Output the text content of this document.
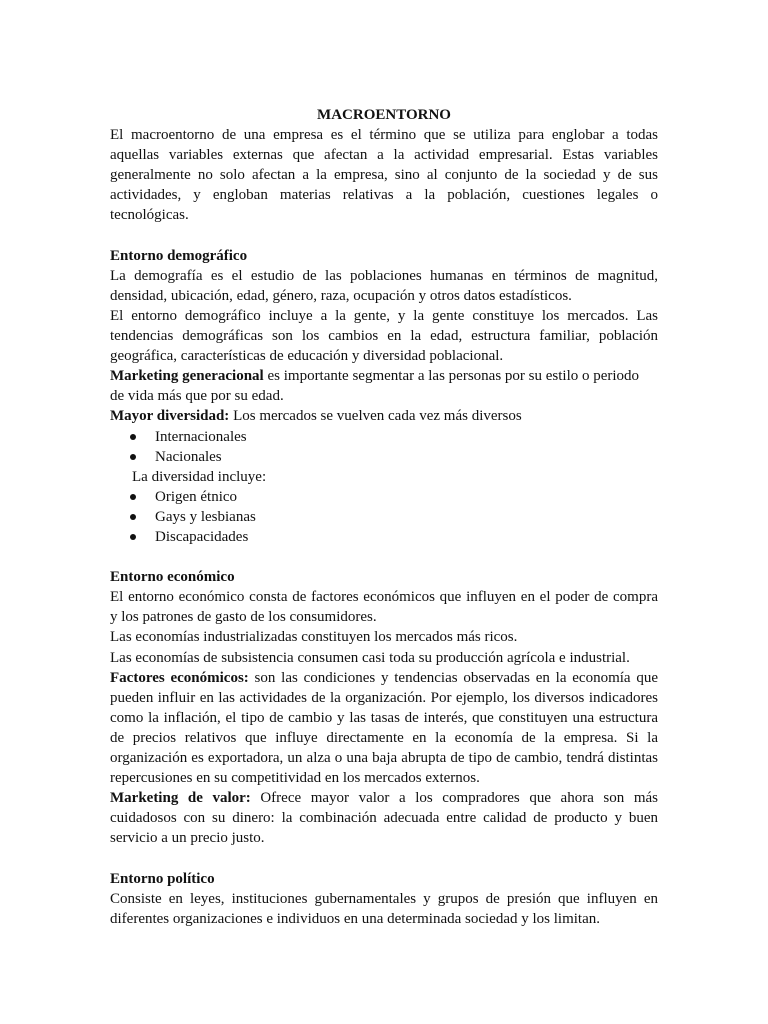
MACROENTORNO
El macroentorno de una empresa es el término que se utiliza para englobar a todas
aquellas variables externas que afectan a la actividad empresarial. Estas variables
generalmente no solo afectan a la empresa, sino al conjunto de la sociedad y de sus
actividades, y engloban materias relativas a la población, cuestiones legales o
tecnológicas.
Entorno demográfico
La demografía es el estudio de las poblaciones humanas en términos de magnitud,
densidad, ubicación, edad, género, raza, ocupación y otros datos estadísticos.
El entorno demográfico incluye a la gente, y la gente constituye los mercados. Las
tendencias demográficas son los cambios en la edad, estructura familiar, población
geográfica, características de educación y diversidad poblacional.
Marketing generacional es importante segmentar a las personas por su estilo o periodo
de vida más que por su edad.
Mayor diversidad: Los mercados se vuelven cada vez más diversos
Internacionales
Nacionales
La diversidad incluye:
Origen étnico
Gays y lesbianas
Discapacidades
Entorno económico
El entorno económico consta de factores económicos que influyen en el poder de compra
y los patrones de gasto de los consumidores.
Las economías industrializadas constituyen los mercados más ricos.
Las economías de subsistencia consumen casi toda su producción agrícola e industrial.
Factores económicos: son las condiciones y tendencias observadas en la economía que
pueden influir en las actividades de la organización. Por ejemplo, los diversos indicadores
como la inflación, el tipo de cambio y las tasas de interés, que constituyen una estructura
de precios relativos que influye directamente en la economía de la empresa. Si la
organización es exportadora, un alza o una baja abrupta de tipo de cambio, tendrá distintas
repercusiones en su competitividad en los mercados externos.
Marketing de valor: Ofrece mayor valor a los compradores que ahora son más
cuidadosos con su dinero: la combinación adecuada entre calidad de producto y buen
servicio a un precio justo.
Entorno político
Consiste en leyes, instituciones gubernamentales y grupos de presión que influyen en
diferentes organizaciones e individuos en una determinada sociedad y los limitan.
